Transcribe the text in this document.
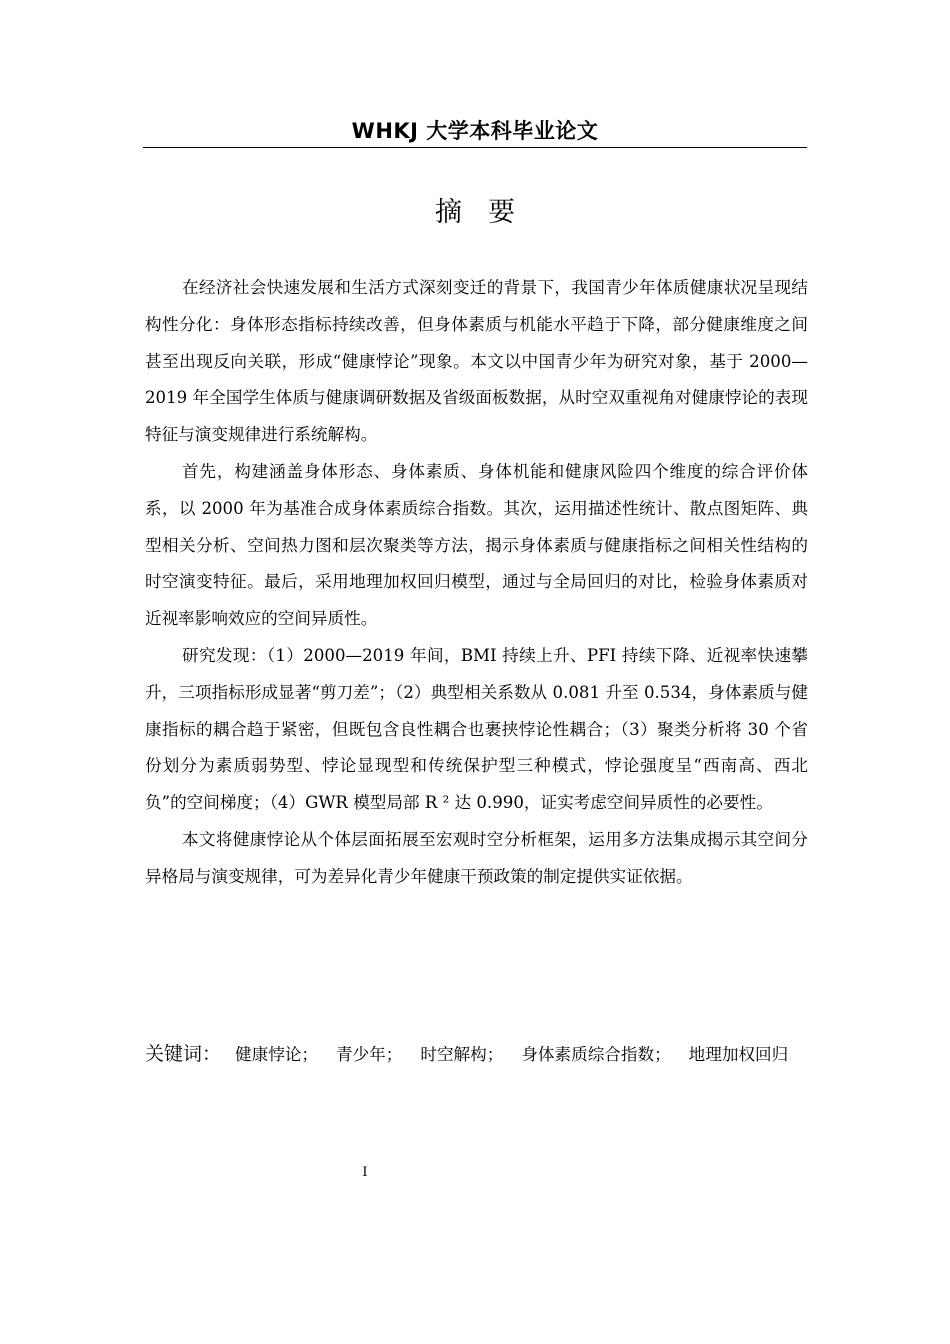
WHKJ 大学本科毕业论文
摘要

在经济社会快速发展和生活方式深刻变迁的背景下，我国青少年体质健康状况呈现结构性分化：身体形态指标持续改善，但身体素质与机能水平趋于下降，部分健康维度之间甚至出现反向关联，形成“健康悖论”现象。本文以中国青少年为研究对象，基于 2000—2019 年全国学生体质与健康调研数据及省级面板数据，从时空双重视角对健康悖论的表现特征与演变规律进行系统解构。

首先，构建涵盖身体形态、身体素质、身体机能和健康风险四个维度的综合评价体系，以 2000 年为基准合成身体素质综合指数。其次，运用描述性统计、散点图矩阵、典型相关分析、空间热力图和层次聚类等方法，揭示身体素质与健康指标之间相关性结构的时空演变特征。最后，采用地理加权回归模型，通过与全局回归的对比，检验身体素质对近视率影响效应的空间异质性。

研究发现：（1）2000—2019 年间，BMI 持续上升、PFI 持续下降、近视率快速攀升，三项指标形成显著“剪刀差”；（2）典型相关系数从 0.081 升至 0.534，身体素质与健康指标的耦合趋于紧密，但既包含良性耦合也裹挟悖论性耦合；（3）聚类分析将 30 个省份划分为素质弱势型、悖论显现型和传统保护型三种模式，悖论强度呈“西南高、西北负”的空间梯度；（4）GWR 模型局部 R ² 达 0.990，证实考虑空间异质性的必要性。

本文将健康悖论从个体层面拓展至宏观时空分析框架，运用多方法集成揭示其空间分异格局与演变规律，可为差异化青少年健康干预政策的制定提供实证依据。

关键词： 健康悖论； 青少年； 时空解构； 身体素质综合指数； 地理加权回归
I
